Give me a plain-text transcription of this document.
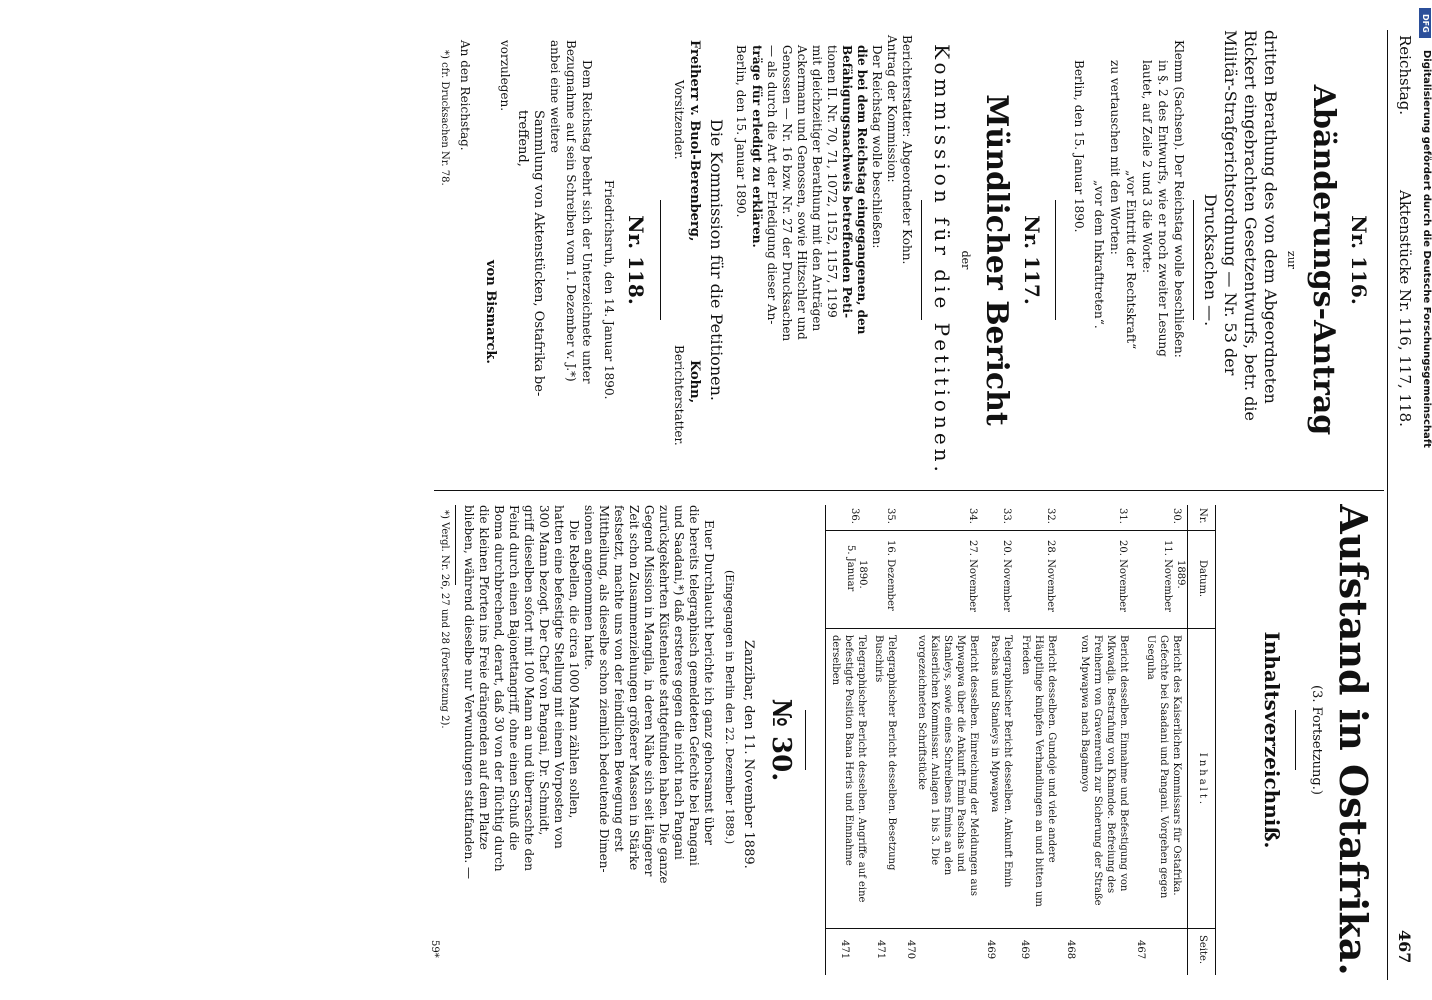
Reichstag.
Aktenstücke Nr. 116, 117, 118.
467
Nr. 116.
Abänderungs-Antrag
zur
dritten Berathung des von dem Abgeordneten
Rickert eingebrachten Gesetzentwurfs, betr. die
Militär-Strafgerichtsordnung — Nr. 53 der
Drucksachen —.
Klemm (Sachsen). Der Reichstag wolle beschließen:
in §. 2 des Entwurfs, wie er noch zweiter Lesung
lautet, auf Zeile 2 und 3 die Worte:
„vor Eintritt der Rechtskraft“
zu vertauschen mit den Worten:
„vor dem Inkrafttreten“.
Berlin, den 15. Januar 1890.
Nr. 117.
Mündlicher Bericht
der
Kommission für die Petitionen.
Berichterstatter: Abgeordneter Kohn.
Antrag der Kommission:
Der Reichstag wolle beschließen:
die bei dem Reichstag eingegangenen, den
Befähigungsnachweis betreffenden Peti-
tionen II. Nr. 70, 71, 1072, 1152, 1157, 1199
mit gleichzeitiger Berathung mit den Anträgen
Ackermann und Genossen, sowie Hitzschler und
Genossen — Nr. 16 bzw. Nr. 27 der Drucksachen
— als durch die Art der Erledigung dieser An-
träge für erledigt zu erklären.
Berlin, den 15. Januar 1890.
Die Kommission für die Petitionen.
Freiherr v. Buol-Berenberg,
Vorsitzender.
Kohn,
Berichterstatter.
Nr. 118.
Friedrichsruh, den 14. Januar 1890.
Dem Reichstag beehrt sich der Unterzeichnete unter
Bezugnahme auf sein Schreiben vom 1. Dezember v. J.*)
anbei eine weitere
Sammlung von Aktenstücken, Ostafrika be-
treffend,
vorzulegen.
von Bismarck.
An den Reichstag.
*) cfr. Drucksachen Nr. 78.
Aufstand in Ostafrika.
(3. Fortsetzung.)
Inhaltsverzeichniß.
Nr.
Datum.
Inhalt.
Seite.
30.
1889.
11. November
Bericht des Kaiserlichen Kommissars für Ostafrika. Gefechte bei Saadani und Pangani. Vorgehen gegen Useguha
467
31.
20. November
Bericht desselben. Einnahme und Befestigung von Mkwadja. Bestrafung von Khamdoe. Befreiung des Freiherrn von Gravenreuth zur Sicherung der Straße von Mpwapwa nach Bagamoyo
468
32.
28. November
Bericht desselben. Gundoje und viele andere Häuptlinge knüpfen Verhandlungen an und bitten um Frieden
469
33.
20. November
Telegraphischer Bericht desselben. Ankunft Emin Paschas und Stanleys in Mpwapwa
469
34.
27. November
Bericht desselben. Einreichung der Meldungen aus Mpwapwa über die Ankunft Emin Paschas und Stanleys, sowie eines Schreibens Emins an den Kaiserlichen Kommissar. Anlagen 1 bis 3. Die vorgezeichneten Schriftstücke
470
35.
16. Dezember
Telegraphischer Bericht desselben. Besetzung Buschiris
471
36.
1890.
5. Januar
Telegraphischer Bericht desselben. Angriffe auf eine befestigte Position Bana Heris und Einnahme derselben
471
№ 30.
Zanzibar, den 11. November 1889.
(Eingegangen in Berlin den 22. Dezember 1889.)
Euer Durchlaucht berichte ich ganz gehorsamst über
die bereits telegraphisch gemeldeten Gefechte bei Pangani
und Saadani,*) daß ersteres gegen die nicht nach Pangani
zurückgekehrten Küstenleute stattgefunden haben. Die ganze
Gegend Mission in Mangila, in deren Nähe sich seit längerer
Zeit schon Zusammenziehungen größerer Massen in Stärke
festsetzt, machte uns von der feindlichen Bewegung erst
Mittheilung, als dieselbe schon ziemlich bedeutende Dimen-
sionen angenommen hatte.
Die Rebellen, die circa 1000 Mann zählen sollen,
hatten eine befestigte Stellung mit einem Vorposten von
300 Mann bezogt. Der Chef von Pangani, Dr. Schmidt,
griff dieselben sofort mit 100 Mann an und überraschte den
Feind durch einen Bajonettangriff, ohne einen Schuß die
Boma durchbrechend, derart, daß 30 von der flüchtig durch
die kleinen Pforten ins Freie drängenden auf dem Platze
blieben, während dieselbe nur Verwundungen stattfanden. —
*) Vergl. Nr. 26, 27 und 28 (Fortsetzung 2).
59*
DFG
Digitalisierung gefördert durch die Deutsche Forschungsgemeinschaft
